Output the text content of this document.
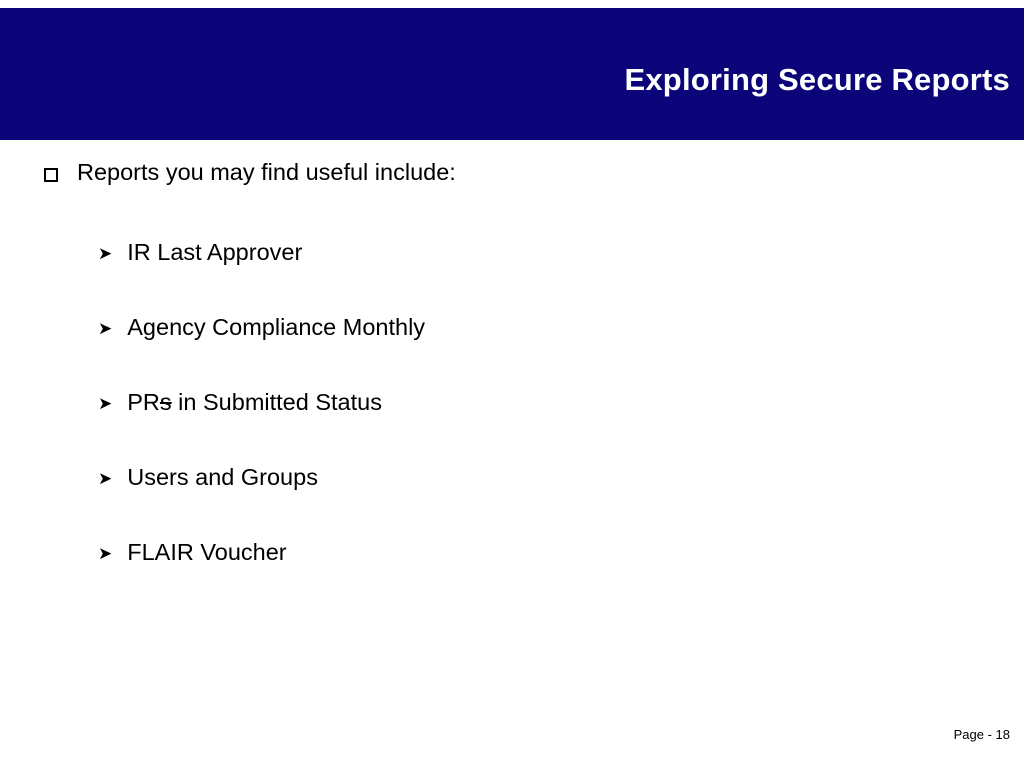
Exploring Secure Reports
Reports you may find useful include:
➤ IR Last Approver
➤ Agency Compliance Monthly
➤ PRs in Submitted Status
➤ Users and Groups
➤ FLAIR Voucher
Page - 18
